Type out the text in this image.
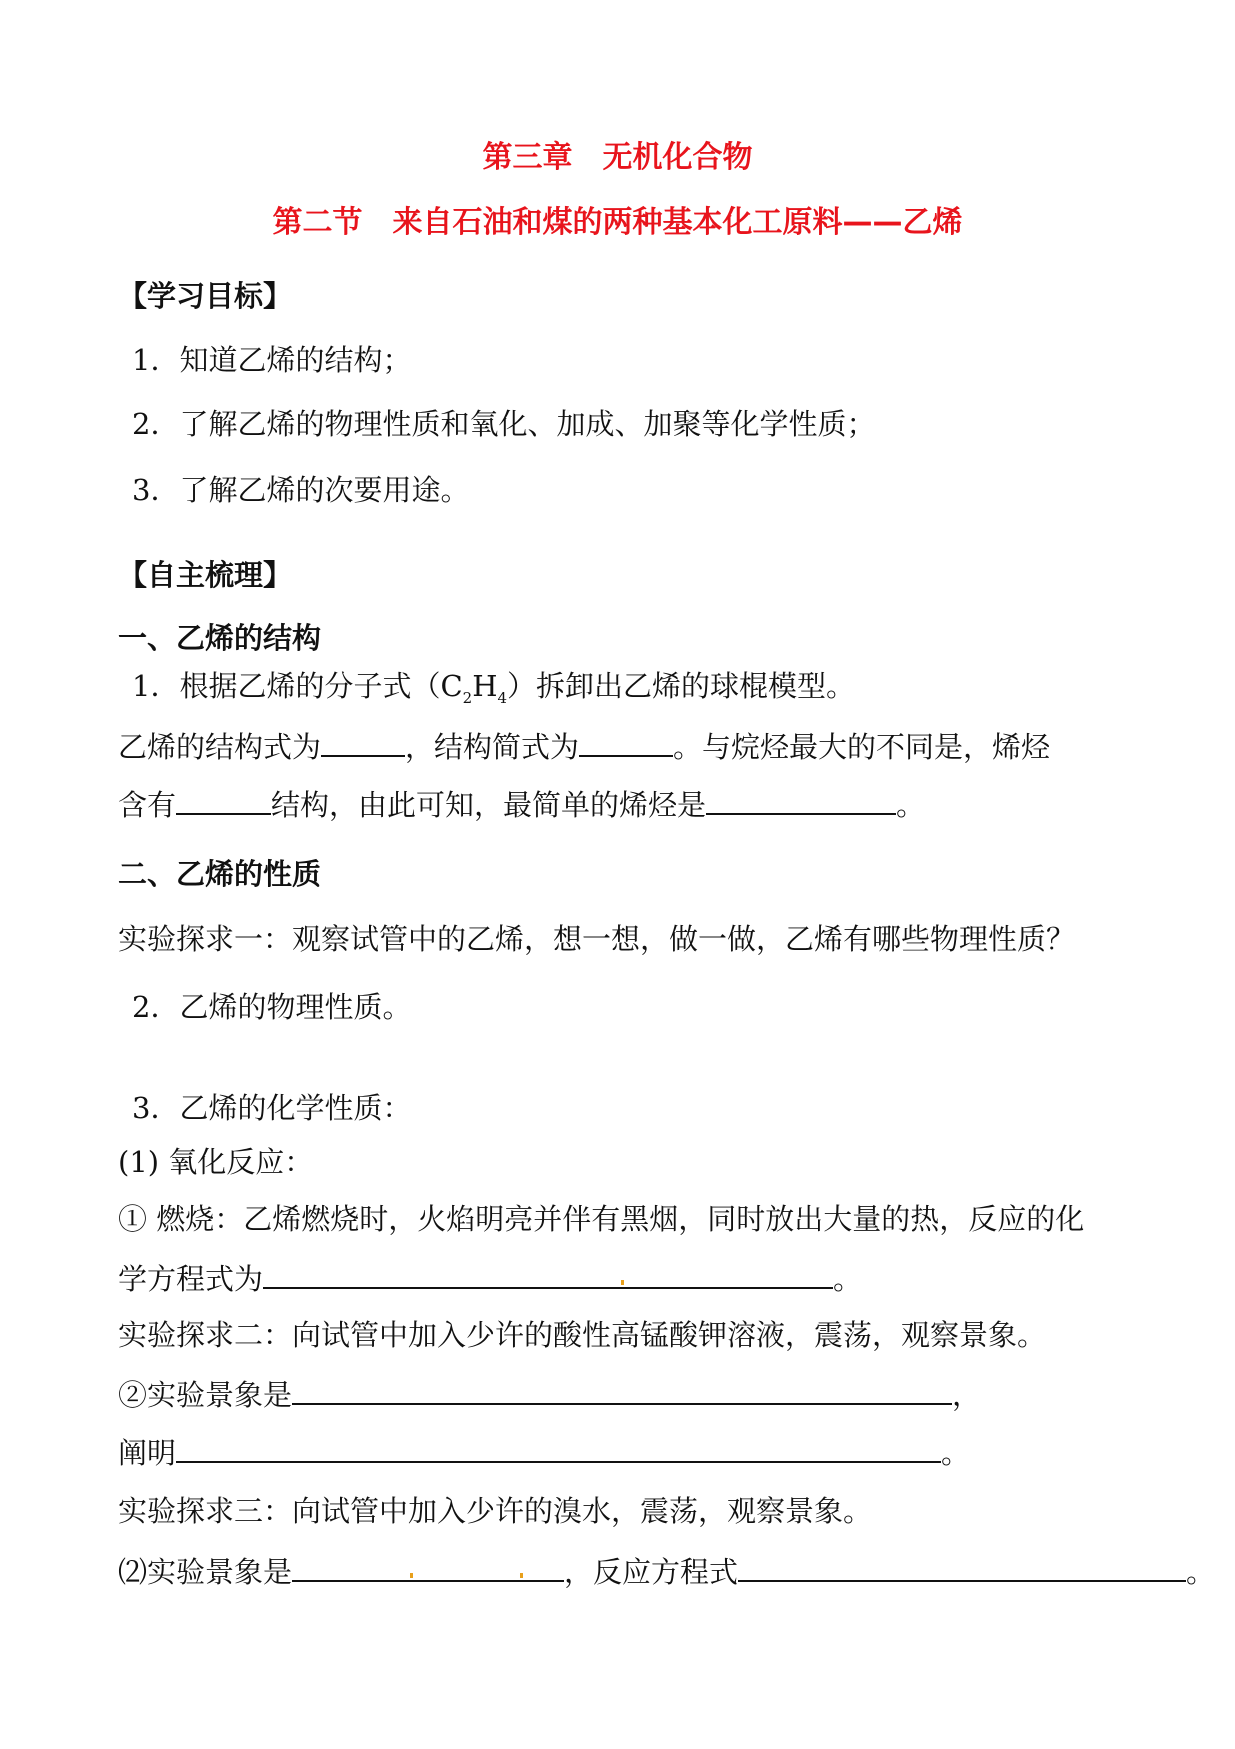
第三章　无机化合物
第二节　来自石油和煤的两种基本化工原料——乙烯
【学习目标】
1．知道乙烯的结构；
2．了解乙烯的物理性质和氧化、加成、加聚等化学性质；
3．了解乙烯的次要用途。
【自主梳理】
一、乙烯的结构
1．根据乙烯的分子式$(C_2H_4)$拆卸出乙烯的球棍模型。
乙烯的结构式为	，结构简式为	。与烷烃最大的不同是，烯烃
含有	结构，由此可知，最简单的烯烃是	。
二、乙烯的性质
实验探求一：观察试管中的乙烯，想一想，做一做，乙烯有哪些物理性质？
2．乙烯的物理性质。
3．乙烯的化学性质：
(1) 氧化反应：
① 燃烧：乙烯燃烧时，火焰明亮并伴有黑烟，同时放出大量的热，反应的化
学方程式为	。
实验探求二：向试管中加入少许的酸性高锰酸钾溶液，震荡，观察景象。
②实验景象是	，
阐明	。
实验探求三：向试管中加入少许的溴水，震荡，观察景象。
⑵实验景象是	，反应方程式	。
